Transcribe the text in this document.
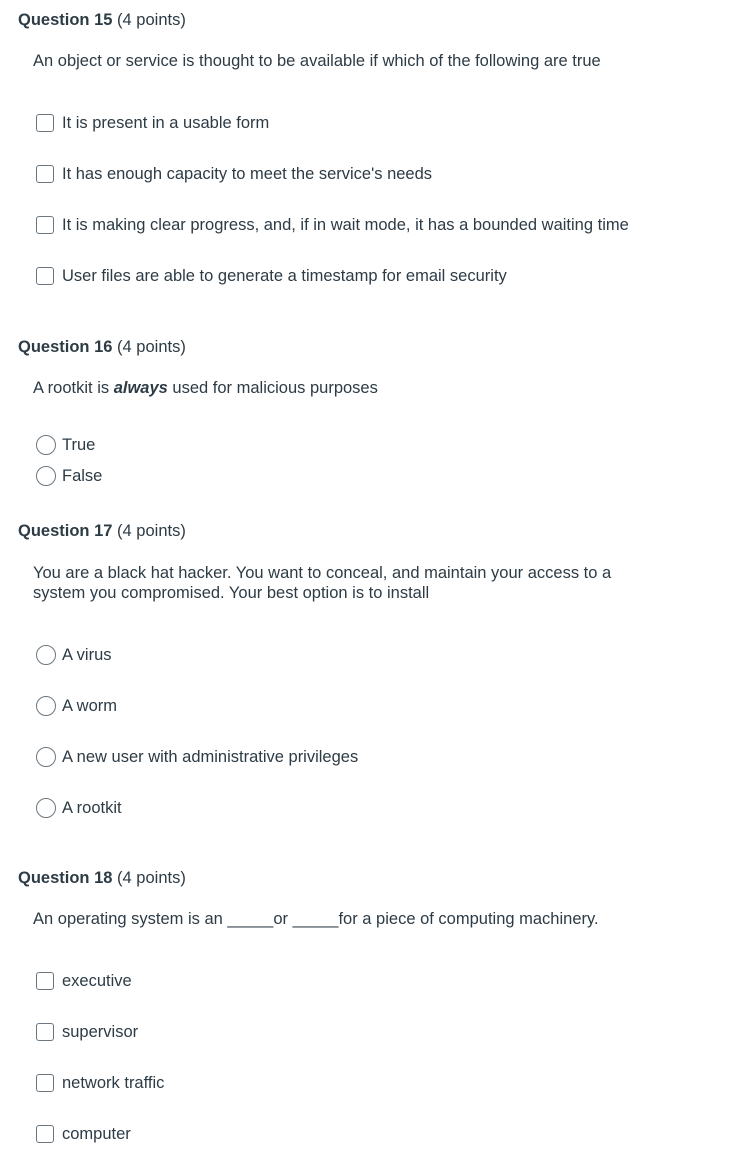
Question 15 (4 points)
An object or service is thought to be available if which of the following are true
It is present in a usable form
It has enough capacity to meet the service's needs
It is making clear progress, and, if in wait mode, it has a bounded waiting time
User files are able to generate a timestamp for email security
Question 16 (4 points)
A rootkit is always used for malicious purposes
True
False
Question 17 (4 points)
You are a black hat hacker. You want to conceal, and maintain your access to a system you compromised. Your best option is to install
A virus
A worm
A new user with administrative privileges
A rootkit
Question 18 (4 points)
An operating system is an _____or _____for a piece of computing machinery.
executive
supervisor
network traffic
computer
